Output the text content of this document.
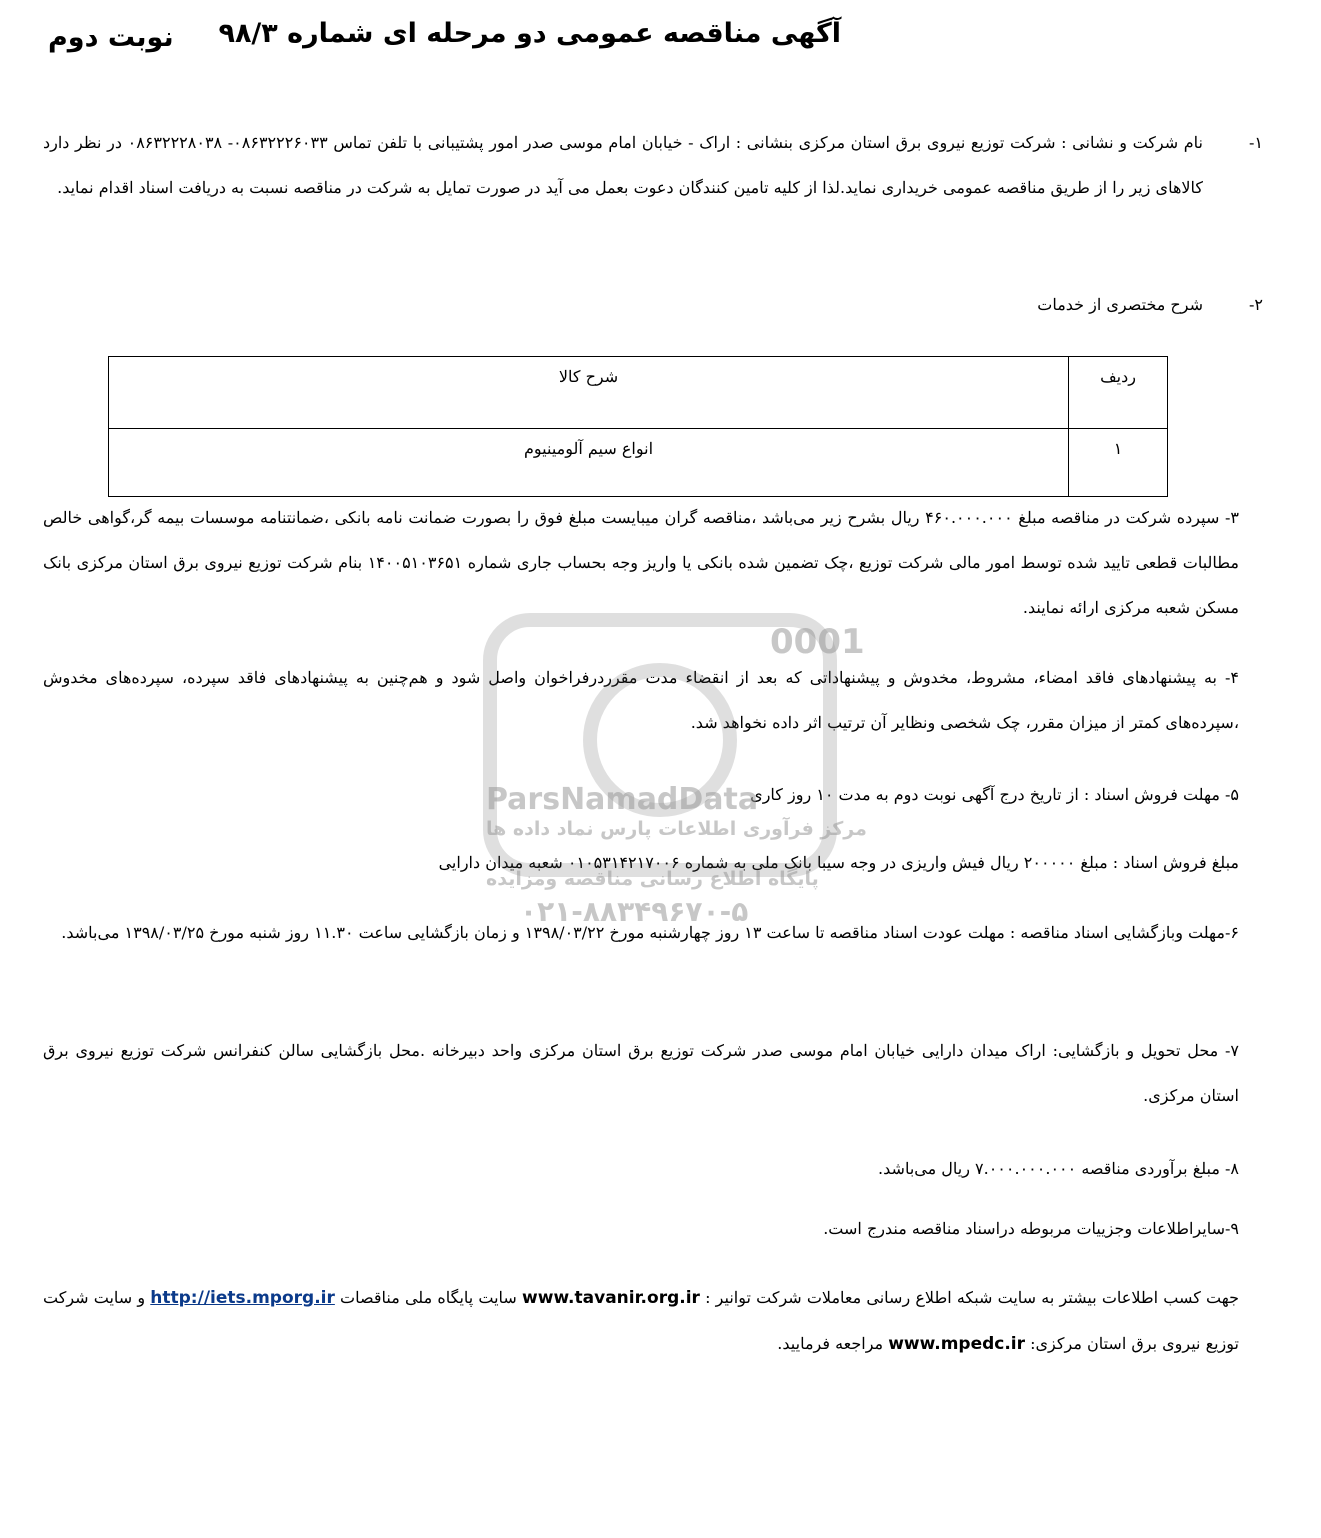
آگهی مناقصه عمومی دو مرحله ای شماره ۹۸/۳
نوبت دوم
۱-
نام شرکت و نشانی : شرکت توزیع نیروی برق استان مرکزی بنشانی : اراک - خیابان امام موسی صدر امور پشتیبانی با تلفن تماس ۰۸۶۳۲۲۲۶۰۳۳- ۰۸۶۳۲۲۲۸۰۳۸ در نظر دارد کالاهای زیر را از طریق مناقصه عمومی خریداری نماید.لذا از کلیه تامین کنندگان دعوت بعمل می آید در صورت تمایل به شرکت در مناقصه نسبت به دریافت اسناد اقدام نماید.
۲-
شرح مختصری از خدمات
ردیف	شرح کالا
۱	انواع سیم آلومینیوم
۳- سپرده شرکت در مناقصه مبلغ ۴۶۰.۰۰۰.۰۰۰ ریال بشرح زیر می‌باشد ،مناقصه گران میبایست مبلغ فوق را بصورت ضمانت نامه بانکی ،ضمانتنامه موسسات بیمه گر،گواهی خالص مطالبات قطعی تایید شده توسط امور مالی شرکت توزیع ،چک تضمین شده بانکی یا واریز وجه بحساب جاری شماره ۱۴۰۰۵۱۰۳۶۵۱ بنام شرکت توزیع نیروی برق استان مرکزی بانک مسکن شعبه مرکزی ارائه نمایند.
۴- به پیشنهادهای فاقد امضاء، مشروط، مخدوش و پیشنهاداتی که بعد از انقضاء مدت مقرردرفراخوان واصل شود و هم‌چنین به پیشنهادهای فاقد سپرده، سپرده‌های مخدوش ،سپرده‌های کمتر از میزان مقرر، چک شخصی ونظایر آن ترتیب اثر داده نخواهد شد.
۵- مهلت فروش اسناد : از تاریخ درج آگهی نوبت دوم به مدت ۱۰ روز کاری
مبلغ فروش اسناد : مبلغ ۲۰۰۰۰۰ ریال فیش واریزی در وجه سیبا بانک ملی به شماره ۰۱۰۵۳۱۴۲۱۷۰۰۶ شعبه میدان دارایی
۶-مهلت وبازگشایی اسناد مناقصه : مهلت عودت اسناد مناقصه تا ساعت ۱۳ روز چهارشنبه مورخ ۱۳۹۸/۰۳/۲۲ و زمان بازگشایی ساعت ۱۱.۳۰ روز شنبه مورخ ۱۳۹۸/۰۳/۲۵ می‌باشد.
۷- محل تحویل و بازگشایی: اراک میدان دارایی خیابان امام موسی صدر شرکت توزیع برق استان مرکزی واحد دبیرخانه .محل بازگشایی سالن کنفرانس شرکت توزیع نیروی برق استان مرکزی.
۸- مبلغ برآوردی مناقصه ۷.۰۰۰.۰۰۰.۰۰۰ ریال می‌باشد.
۹-سایراطلاعات وجزییات مربوطه دراسناد مناقصه مندرج است.
جهت کسب اطلاعات بیشتر به سایت شبکه اطلاع رسانی معاملات شرکت توانیر : www.tavanir.org.ir سایت پایگاه ملی مناقصات http://iets.mporg.ir و سایت شرکت توزیع نیروی برق استان مرکزی: www.mpedc.ir مراجعه فرمایید.
0001
ParsNamadData
مرکز فرآوری اطلاعات پارس نماد داده ها
پایگاه اطلاع رسانی مناقصه ومزایده
۰۲۱-۸۸۳۴۹۶۷۰-۵
